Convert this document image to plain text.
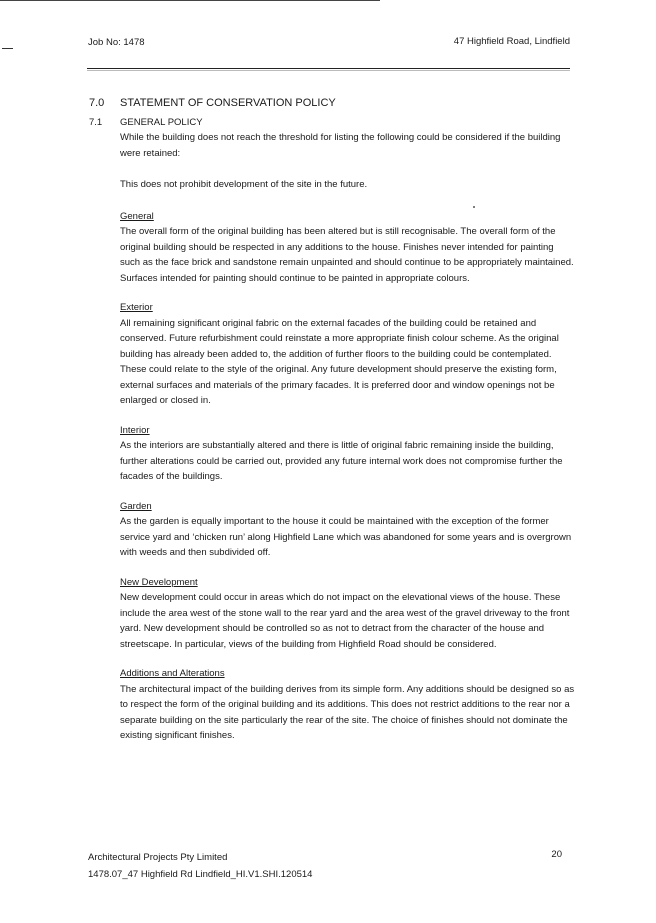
Job No: 1478	47 Highfield Road, Lindfield
7.0 STATEMENT OF CONSERVATION POLICY
7.1 GENERAL POLICY

While the building does not reach the threshold for listing the following could be considered if the building were retained:

This does not prohibit development of the site in the future.

General

The overall form of the original building has been altered but is still recognisable. The overall form of the original building should be respected in any additions to the house. Finishes never intended for painting such as the face brick and sandstone remain unpainted and should continue to be appropriately maintained. Surfaces intended for painting should continue to be painted in appropriate colours.

Exterior

All remaining significant original fabric on the external facades of the building could be retained and conserved. Future refurbishment could reinstate a more appropriate finish colour scheme. As the original building has already been added to, the addition of further floors to the building could be contemplated. These could relate to the style of the original. Any future development should preserve the existing form, external surfaces and materials of the primary facades. It is preferred door and window openings not be enlarged or closed in.

Interior

As the interiors are substantially altered and there is little of original fabric remaining inside the building, further alterations could be carried out, provided any future internal work does not compromise further the facades of the buildings.

Garden

As the garden is equally important to the house it could be maintained with the exception of the former service yard and ‘chicken run’ along Highfield Lane which was abandoned for some years and is overgrown with weeds and then subdivided off.

New Development

New development could occur in areas which do not impact on the elevational views of the house. These include the area west of the stone wall to the rear yard and the area west of the gravel driveway to the front yard. New development should be controlled so as not to detract from the character of the house and streetscape. In particular, views of the building from Highfield Road should be considered.

Additions and Alterations

The architectural impact of the building derives from its simple form. Any additions should be designed so as to respect the form of the original building and its additions. This does not restrict additions to the rear nor a separate building on the site particularly the rear of the site. The choice of finishes should not dominate the existing significant finishes.

Architectural Projects Pty Limited
1478.07_47 Highfield Rd Lindfield_HI.V1.SHI.120514
20
